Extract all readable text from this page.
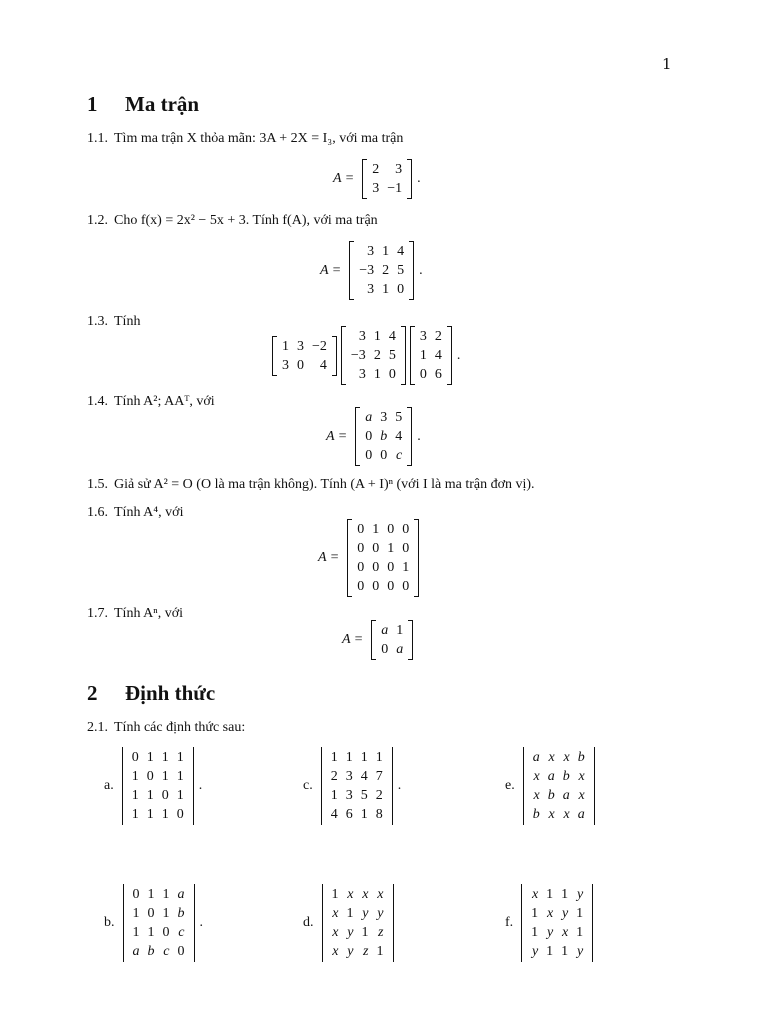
1
1 Ma trận
1.1. Tìm ma trận X thỏa mãn: 3A + 2X = I₃, với ma trận
A =
2	3
3	−1
.
1.2. Cho f(x) = 2x² − 5x + 3. Tính f(A), với ma trận
A =
3	1	4
−3	2	5
3	1	0
.
1.3. Tính
1	3	−2
3	0	4
3	1	4
−3	2	5
3	1	0
3	2
1	4
0	6
.
1.4. Tính A²; AAᵀ, với
A =
a	3	5
0	b	4
0	0	c
.
1.5. Giả sử A² = O (O là ma trận không). Tính (A + I)ⁿ (với I là ma trận đơn vị).
1.6. Tính A⁴, với
A =
0	1	0	0
0	0	1	0
0	0	0	1
0	0	0	0
1.7. Tính Aⁿ, với
A =
a	1
0	a
2 Định thức
2.1. Tính các định thức sau:
a.
0	1	1	1
1	0	1	1
1	1	0	1
1	1	1	0
.	c.
1	1	1	1
2	3	4	7
1	3	5	2
4	6	1	8
.	e.
a	x	x	b
x	a	b	x
x	b	a	x
b	x	x	a
b.
0	1	1	a
1	0	1	b
1	1	0	c
a	b	c	0
.	d.
1	x	x	x
x	1	y	y
x	y	1	z
x	y	z	1
f.
x	1	1	y
1	x	y	1
1	y	x	1
y	1	1	y
